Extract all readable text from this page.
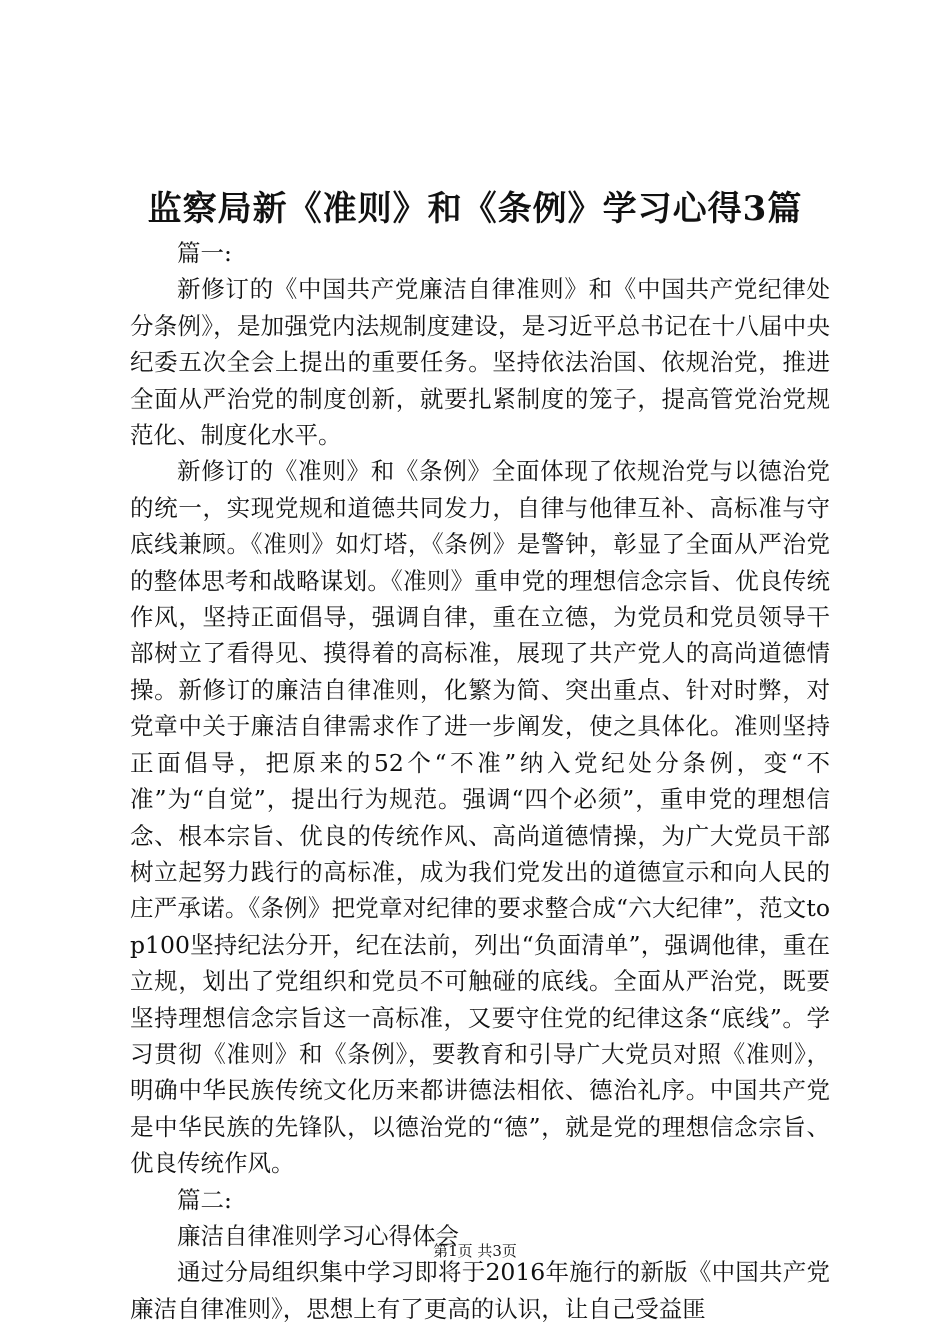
监察局新《准则》和《条例》学习心得3篇

篇一:

新修订的《中国共产党廉洁自律准则》和《中国共产党纪律处分条例》，是加强党内法规制度建设，是习近平总书记在十八届中央纪委五次全会上提出的重要任务。坚持依法治国、依规治党，推进全面从严治党的制度创新，就要扎紧制度的笼子，提高管党治党规范化、制度化水平。

新修订的《准则》和《条例》全面体现了依规治党与以德治党的统一，实现党规和道德共同发力，自律与他律互补、高标准与守底线兼顾。《准则》如灯塔，《条例》是警钟，彰显了全面从严治党的整体思考和战略谋划。《准则》重申党的理想信念宗旨、优良传统作风，坚持正面倡导，强调自律，重在立德，为党员和党员领导干部树立了看得见、摸得着的高标准，展现了共产党人的高尚道德情操。新修订的廉洁自律准则，化繁为简、突出重点、针对时弊，对党章中关于廉洁自律需求作了进一步阐发，使之具体化。准则坚持正面倡导，把原来的52个“不准”纳入党纪处分条例，变“不准”为“自觉”，提出行为规范。强调“四个必须”，重申党的理想信念、根本宗旨、优良的传统作风、高尚道德情操，为广大党员干部树立起努力践行的高标准，成为我们党发出的道德宣示和向人民的庄严承诺。《条例》把党章对纪律的要求整合成“六大纪律”，范文top100坚持纪法分开，纪在法前，列出“负面清单”，强调他律，重在立规，划出了党组织和党员不可触碰的底线。全面从严治党，既要坚持理想信念宗旨这一高标准，又要守住党的纪律这条“底线”。学习贯彻《准则》和《条例》，要教育和引导广大党员对照《准则》，明确中华民族传统文化历来都讲德法相依、德治礼序。中国共产党是中华民族的先锋队，以德治党的“德”，就是党的理想信念宗旨、优良传统作风。

篇二:

廉洁自律准则学习心得体会

通过分局组织集中学习即将于2016年施行的新版《中国共产党廉洁自律准则》，思想上有了更高的认识，让自己受益匪

第1页 共3页
